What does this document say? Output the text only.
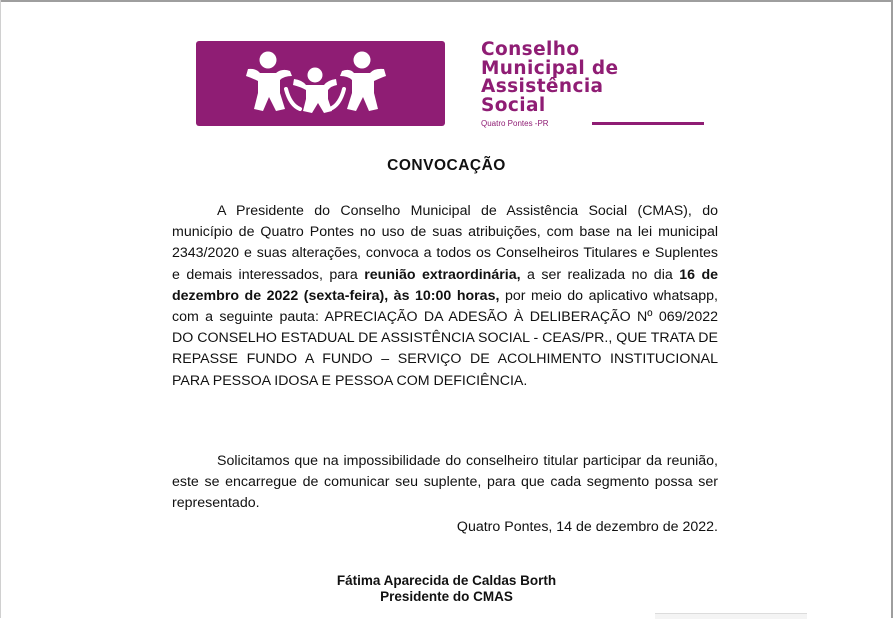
Conselho
Municipal de
Assistência
Social
Quatro Pontes -PR
CONVOCAÇÃO
A Presidente do Conselho Municipal de Assistência Social (CMAS), do município de Quatro Pontes no uso de suas atribuições, com base na lei municipal 2343/2020 e suas alterações, convoca a todos os Conselheiros Titulares e Suplentes e demais interessados, para reunião extraordinária, a ser realizada no dia 16 de dezembro de 2022 (sexta-feira), às 10:00 horas, por meio do aplicativo whatsapp, com a seguinte pauta: APRECIAÇÃO DA ADESÃO À DELIBERAÇÃO Nº 069/2022 DO CONSELHO ESTADUAL DE ASSISTÊNCIA SOCIAL - CEAS/PR., QUE TRATA DE REPASSE FUNDO A FUNDO – SERVIÇO DE ACOLHIMENTO INSTITUCIONAL PARA PESSOA IDOSA E PESSOA COM DEFICIÊNCIA.
Solicitamos que na impossibilidade do conselheiro titular participar da reunião, este se encarregue de comunicar seu suplente, para que cada segmento possa ser representado.
Quatro Pontes, 14 de dezembro de 2022.
Fátima Aparecida de Caldas Borth
Presidente do CMAS
